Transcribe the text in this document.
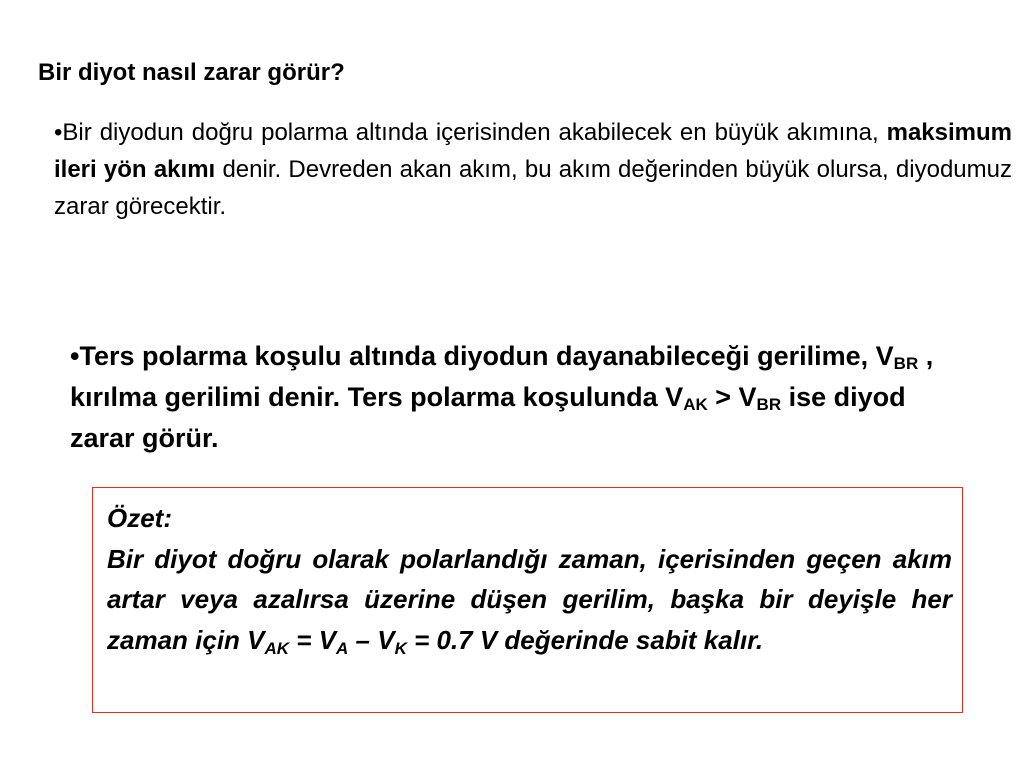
Bir diyot nasıl zarar görür?

•Bir diyodun doğru polarma altında içerisinden akabilecek en büyük akımına, maksimum ileri yön akımı denir. Devreden akan akım, bu akım değerinden büyük olursa, diyodumuz zarar görecektir.

•Ters polarma koşulu altında diyodun dayanabileceği gerilime, $V_{BR}$ , kırılma gerilimi denir. Ters polarma koşulunda $V_{AK} > V_{BR}$ ise diyod zarar görür.

Özet:

Bir diyot doğru olarak polarlandığı zaman, içerisinden geçen akım artar veya azalırsa üzerine düşen gerilim, başka bir deyişle her zaman için $V_{AK} = V_A - V_K = 0.7$ V değerinde sabit kalır.
